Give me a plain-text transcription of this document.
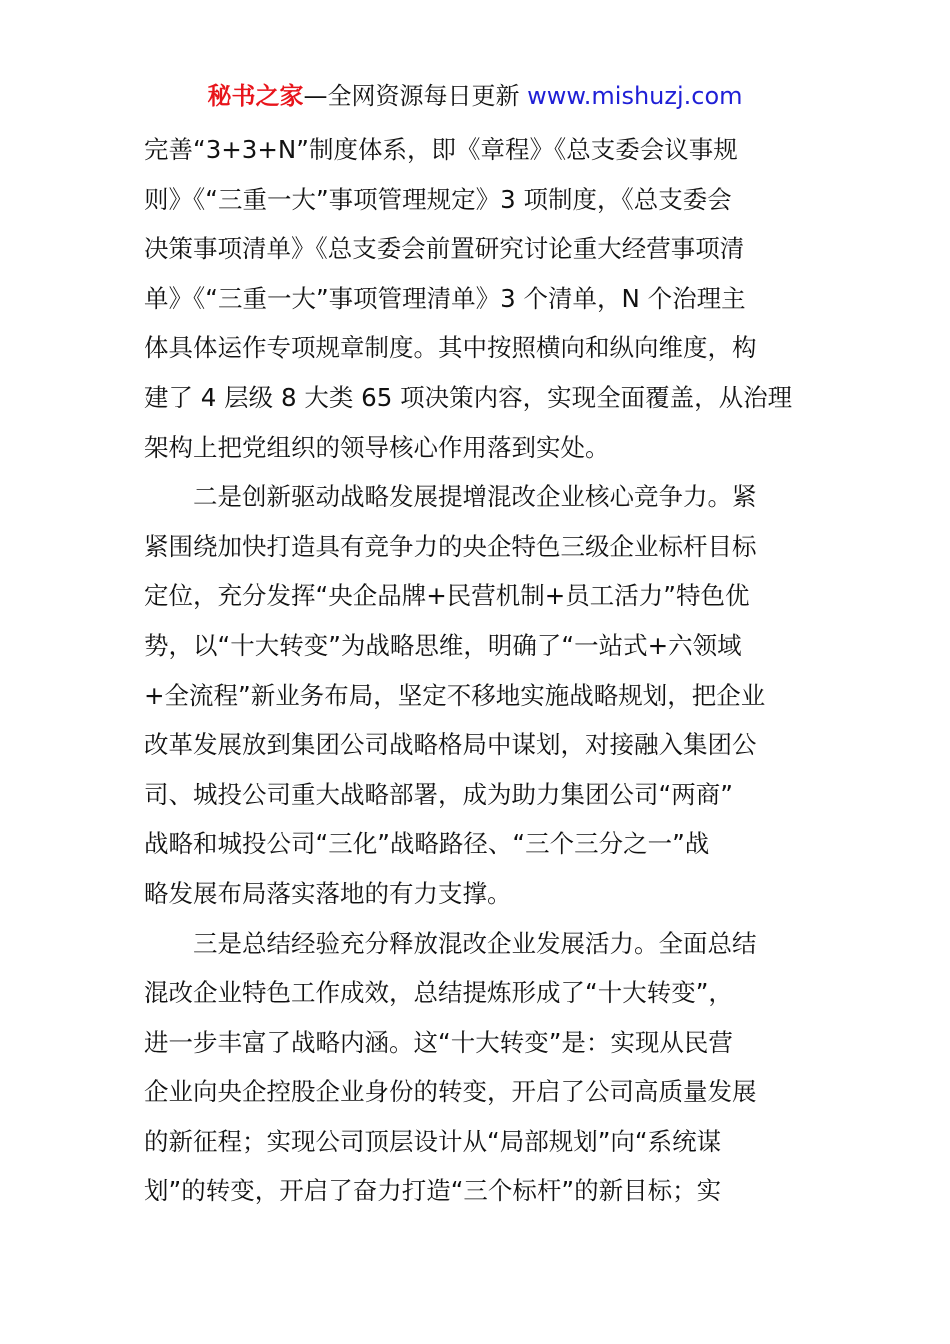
秘书之家—全网资源每日更新 www.mishuzj.com
完善“3+3+N”制度体系，即《章程》《总支委会议事规
则》《“三重一大”事项管理规定》3 项制度，《总支委会
决策事项清单》《总支委会前置研究讨论重大经营事项清
单》《“三重一大”事项管理清单》3 个清单，N 个治理主
体具体运作专项规章制度。其中按照横向和纵向维度，构
建了 4 层级 8 大类 65 项决策内容，实现全面覆盖，从治理
架构上把党组织的领导核心作用落到实处。
二是创新驱动战略发展提增混改企业核心竞争力。紧
紧围绕加快打造具有竞争力的央企特色三级企业标杆目标
定位，充分发挥“央企品牌+民营机制+员工活力”特色优
势，以“十大转变”为战略思维，明确了“一站式+六领域
+全流程”新业务布局，坚定不移地实施战略规划，把企业
改革发展放到集团公司战略格局中谋划，对接融入集团公
司、城投公司重大战略部署，成为助力集团公司“两商”
战略和城投公司“三化”战略路径、“三个三分之一”战
略发展布局落实落地的有力支撑。
三是总结经验充分释放混改企业发展活力。全面总结
混改企业特色工作成效，总结提炼形成了“十大转变”，
进一步丰富了战略内涵。这“十大转变”是：实现从民营
企业向央企控股企业身份的转变，开启了公司高质量发展
的新征程；实现公司顶层设计从“局部规划”向“系统谋
划”的转变，开启了奋力打造“三个标杆”的新目标；实
